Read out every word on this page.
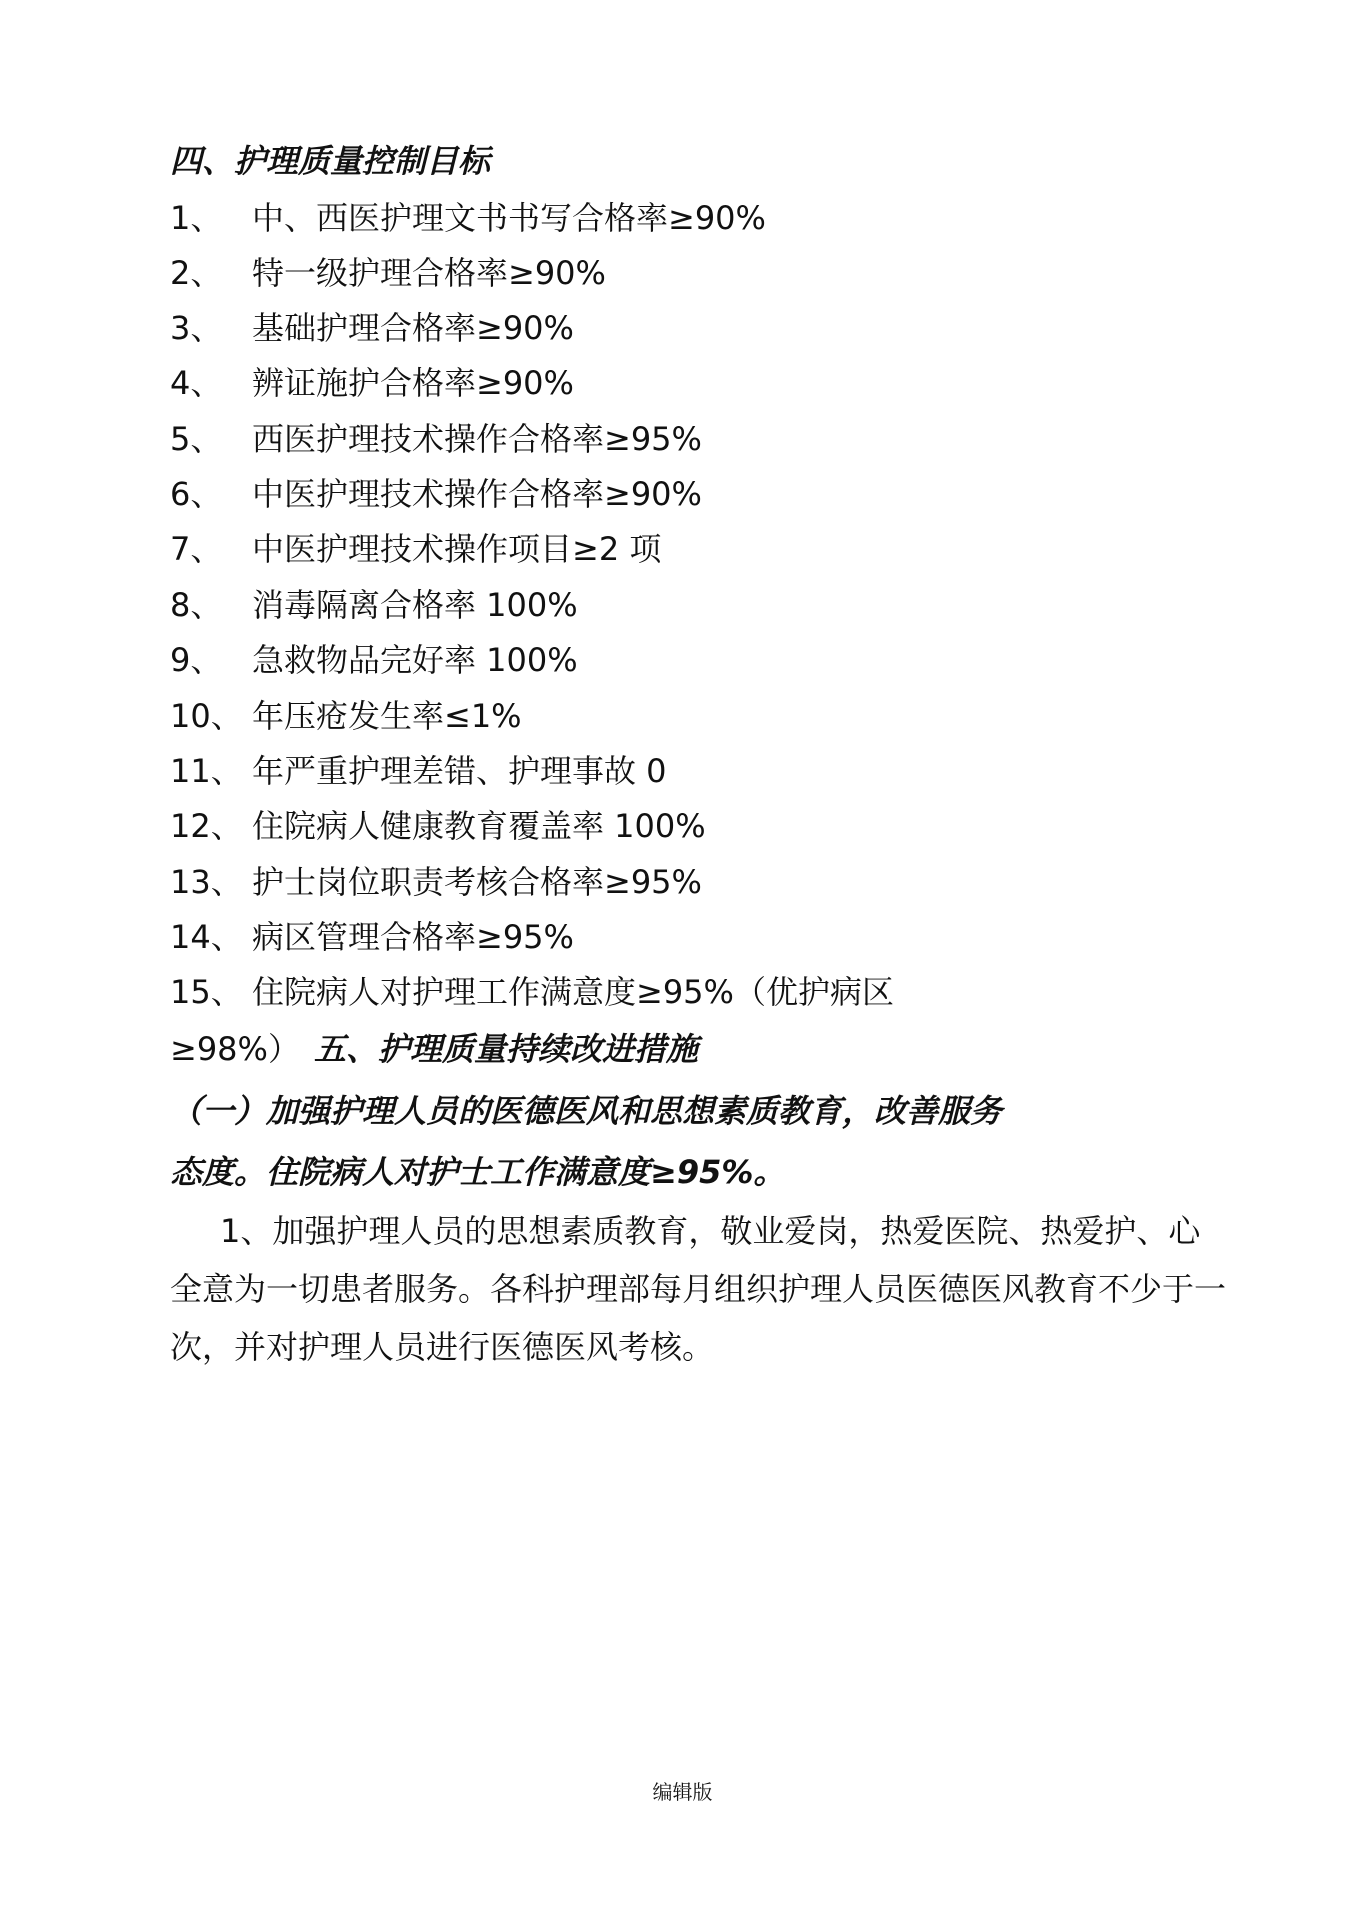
四、护理质量控制目标
1、 中、西医护理文书书写合格率≥90%
2、 特一级护理合格率≥90%
3、 基础护理合格率≥90%
4、 辨证施护合格率≥90%
5、 西医护理技术操作合格率≥95%
6、 中医护理技术操作合格率≥90%
7、 中医护理技术操作项目≥2 项
8、 消毒隔离合格率 100%
9、 急救物品完好率 100%
10、 年压疮发生率≤1%
11、 年严重护理差错、护理事故 0
12、 住院病人健康教育覆盖率 100%
13、 护士岗位职责考核合格率≥95%
14、 病区管理合格率≥95%
15、 住院病人对护理工作满意度≥95%（优护病区
≥98%） 五、护理质量持续改进措施
（一）加强护理人员的医德医风和思想素质教育，改善服务
态度。住院病人对护士工作满意度≥95%。
1、加强护理人员的思想素质教育，敬业爱岗，热爱医院、热爱护、心全意为一切患者服务。各科护理部每月组织护理人员医德医风教育不少于一次，并对护理人员进行医德医风考核。
编辑版
